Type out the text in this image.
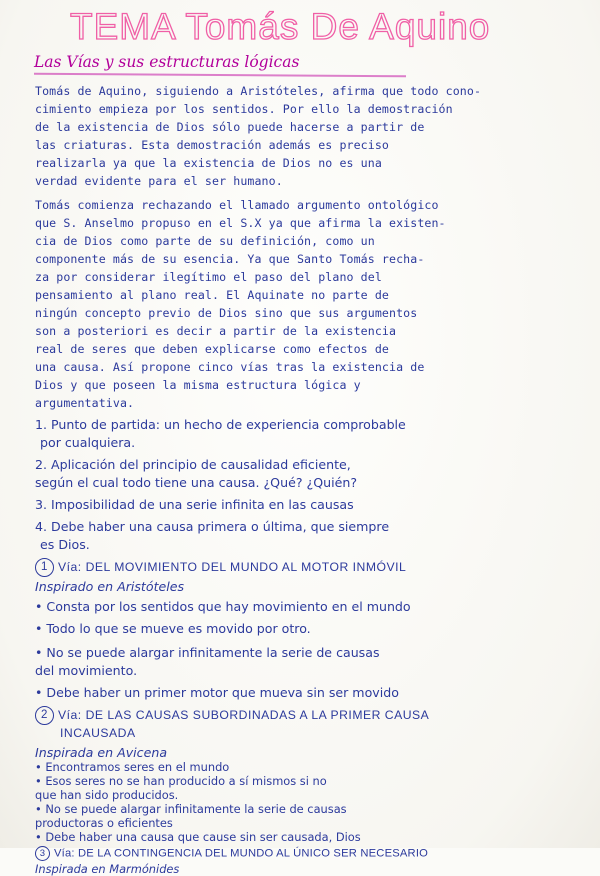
TEMA Tomás De Aquino
Las Vías y sus estructuras lógicas
Tomás de Aquino, siguiendo a Aristóteles, afirma que todo cono-
cimiento empieza por los sentidos. Por ello la demostración
de la existencia de Dios sólo puede hacerse a partir de
las criaturas. Esta demostración además es preciso
realizarla ya que la existencia de Dios no es una
verdad evidente para el ser humano.
Tomás comienza rechazando el llamado argumento ontológico
que S. Anselmo propuso en el S.X ya que afirma la existen-
cia de Dios como parte de su definición, como un
componente más de su esencia. Ya que Santo Tomás recha-
za por considerar ilegítimo el paso del plano del
pensamiento al plano real. El Aquinate no parte de
ningún concepto previo de Dios sino que sus argumentos
son a posteriori es decir a partir de la existencia
real de seres que deben explicarse como efectos de
una causa. Así propone cinco vías tras la existencia de
Dios y que poseen la misma estructura lógica y
argumentativa.
1. Punto de partida: un hecho de experiencia comprobable
por cualquiera.
2. Aplicación del principio de causalidad eficiente,
según el cual todo tiene una causa. ¿Qué? ¿Quién?
3. Imposibilidad de una serie infinita en las causas
4. Debe haber una causa primera o última, que siempre
es Dios.
1 Vía: DEL MOVIMIENTO DEL MUNDO AL MOTOR INMÓVIL
Inspirado en Aristóteles
• Consta por los sentidos que hay movimiento en el mundo
• Todo lo que se mueve es movido por otro.
• No se puede alargar infinitamente la serie de causas
del movimiento.
• Debe haber un primer motor que mueva sin ser movido
2 Vía: DE LAS CAUSAS SUBORDINADAS A LA PRIMER CAUSA
INCAUSADA
Inspirada en Avicena
• Encontramos seres en el mundo
• Esos seres no se han producido a sí mismos si no
que han sido producidos.
• No se puede alargar infinitamente la serie de causas
productoras o eficientes
• Debe haber una causa que cause sin ser causada, Dios
3 Vía: DE LA CONTINGENCIA DEL MUNDO AL ÚNICO SER NECESARIO
Inspirada en Marmónides
